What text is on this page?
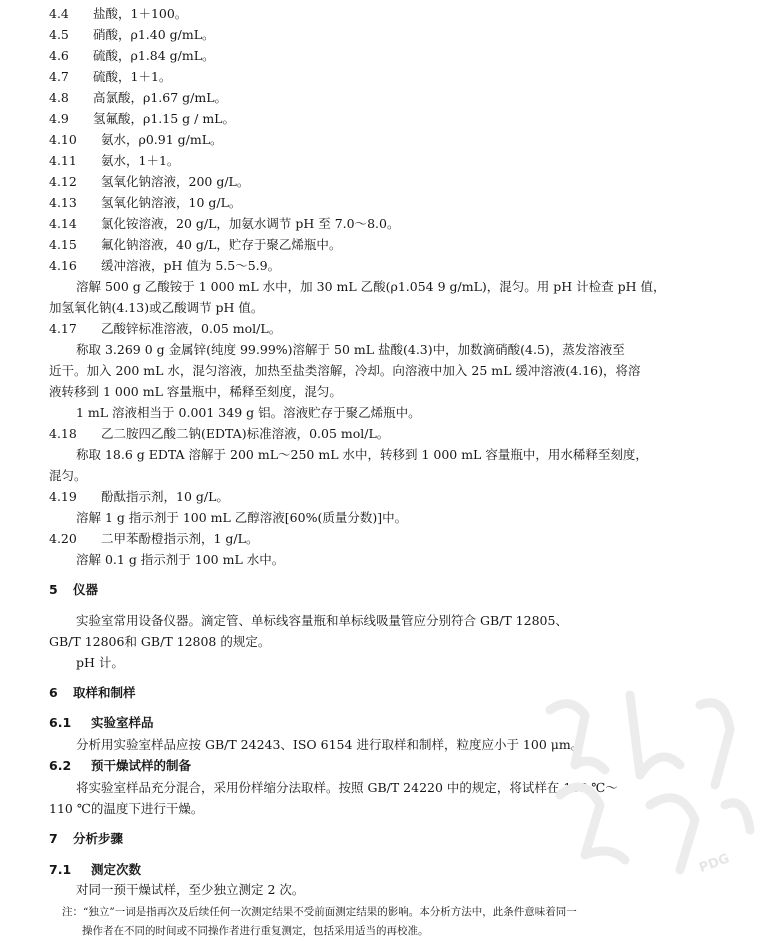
4.4 盐酸，1＋100。
4.5 硝酸，ρ1.40 g/mL。
4.6 硫酸，ρ1.84 g/mL。
4.7 硫酸，1＋1。
4.8 高氯酸，ρ1.67 g/mL。
4.9 氢氟酸，ρ1.15 g / mL。
4.10 氨水，ρ0.91 g/mL。
4.11 氨水，1＋1。
4.12 氢氧化钠溶液，200 g/L。
4.13 氢氧化钠溶液，10 g/L。
4.14 氯化铵溶液，20 g/L，加氨水调节 pH 至 7.0～8.0。
4.15 氟化钠溶液，40 g/L，贮存于聚乙烯瓶中。
4.16 缓冲溶液，pH 值为 5.5～5.9。
溶解 500 g 乙酸铵于 1 000 mL 水中，加 30 mL 乙酸(ρ1.054 9 g/mL)，混匀。用 pH 计检查 pH 值，
加氢氧化钠(4.13)或乙酸调节 pH 值。
4.17 乙酸锌标准溶液，0.05 mol/L。
称取 3.269 0 g 金属锌(纯度 99.99%)溶解于 50 mL 盐酸(4.3)中，加数滴硝酸(4.5)，蒸发溶液至
近干。加入 200 mL 水，混匀溶液，加热至盐类溶解，冷却。向溶液中加入 25 mL 缓冲溶液(4.16)，将溶
液转移到 1 000 mL 容量瓶中，稀释至刻度，混匀。
1 mL 溶液相当于 0.001 349 g 铝。溶液贮存于聚乙烯瓶中。
4.18 乙二胺四乙酸二钠(EDTA)标准溶液，0.05 mol/L。
称取 18.6 g EDTA 溶解于 200 mL～250 mL 水中，转移到 1 000 mL 容量瓶中，用水稀释至刻度，
混匀。
4.19 酚酞指示剂，10 g/L。
溶解 1 g 指示剂于 100 mL 乙醇溶液[60%(质量分数)]中。
4.20 二甲苯酚橙指示剂，1 g/L。
溶解 0.1 g 指示剂于 100 mL 水中。
5 仪器
实验室常用设备仪器。滴定管、单标线容量瓶和单标线吸量管应分别符合 GB/T 12805、
GB/T 12806和 GB/T 12808 的规定。
pH 计。
6 取样和制样
6.1 实验室样品
分析用实验室样品应按 GB/T 24243、ISO 6154 进行取样和制样，粒度应小于 100 μm。
6.2 预干燥试样的制备
将实验室样品充分混合，采用份样缩分法取样。按照 GB/T 24220 中的规定，将试样在 105 ℃～
110 ℃的温度下进行干燥。
7 分析步骤
7.1 测定次数
对同一预干燥试样，至少独立测定 2 次。
注：“独立”一词是指再次及后续任何一次测定结果不受前面测定结果的影响。本分析方法中，此条件意味着同一
操作者在不同的时间或不同操作者进行重复测定，包括采用适当的再校准。
PDG
